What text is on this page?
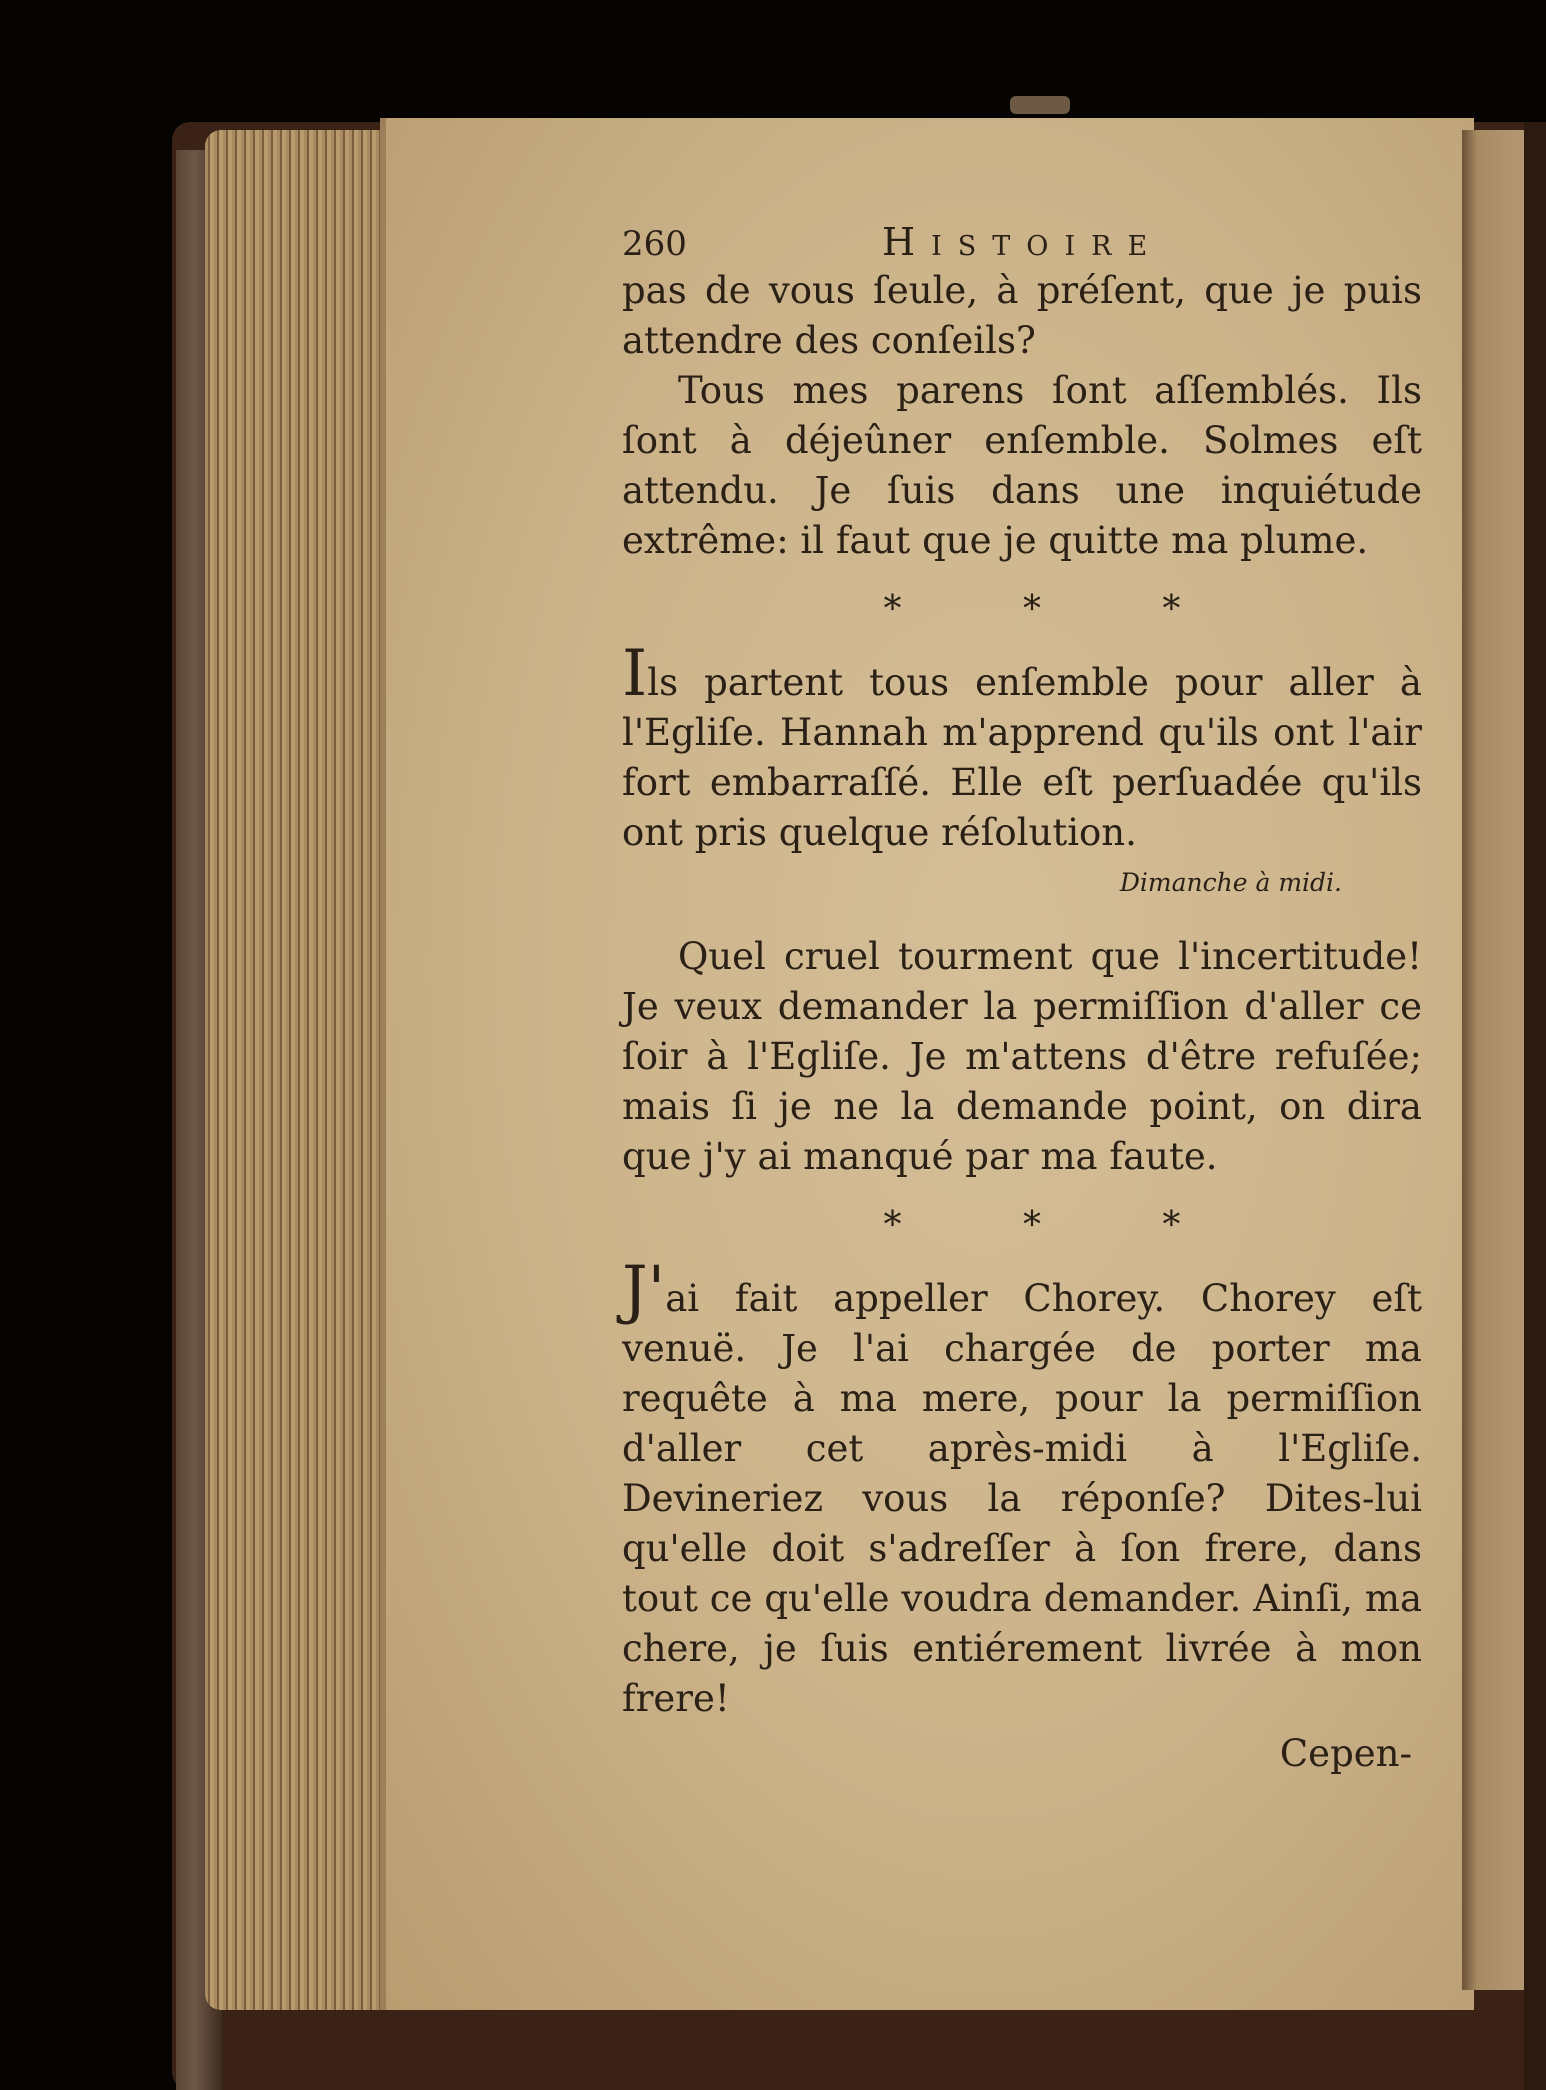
260	Histoire

pas de vous ſeule, à préſent, que je puis attendre des conſeils?

Tous mes parens ſont aſſemblés. Ils ſont à déjeûner enſemble. Solmes eſt attendu. Je ſuis dans une inquiétude extrême: il faut que je quitte ma plume.

* * *

Ils partent tous enſemble pour aller à l'Egliſe. Hannah m'apprend qu'ils ont l'air fort embarraſſé. Elle eſt perſuadée qu'ils ont pris quelque réſolution.

Dimanche à midi.

Quel cruel tourment que l'incertitude! Je veux demander la permiſſion d'aller ce ſoir à l'Egliſe. Je m'attens d'être refuſée; mais ſi je ne la demande point, on dira que j'y ai manqué par ma faute.

* * *

J'ai fait appeller Chorey. Chorey eſt venuë. Je l'ai chargée de porter ma requête à ma mere, pour la permiſſion d'aller cet après-midi à l'Egliſe. Devineriez vous la réponſe? Dites-lui qu'elle doit s'adreſſer à ſon frere, dans tout ce qu'elle voudra demander. Ainſi, ma chere, je ſuis entiérement livrée à mon frere!

Cepen-
